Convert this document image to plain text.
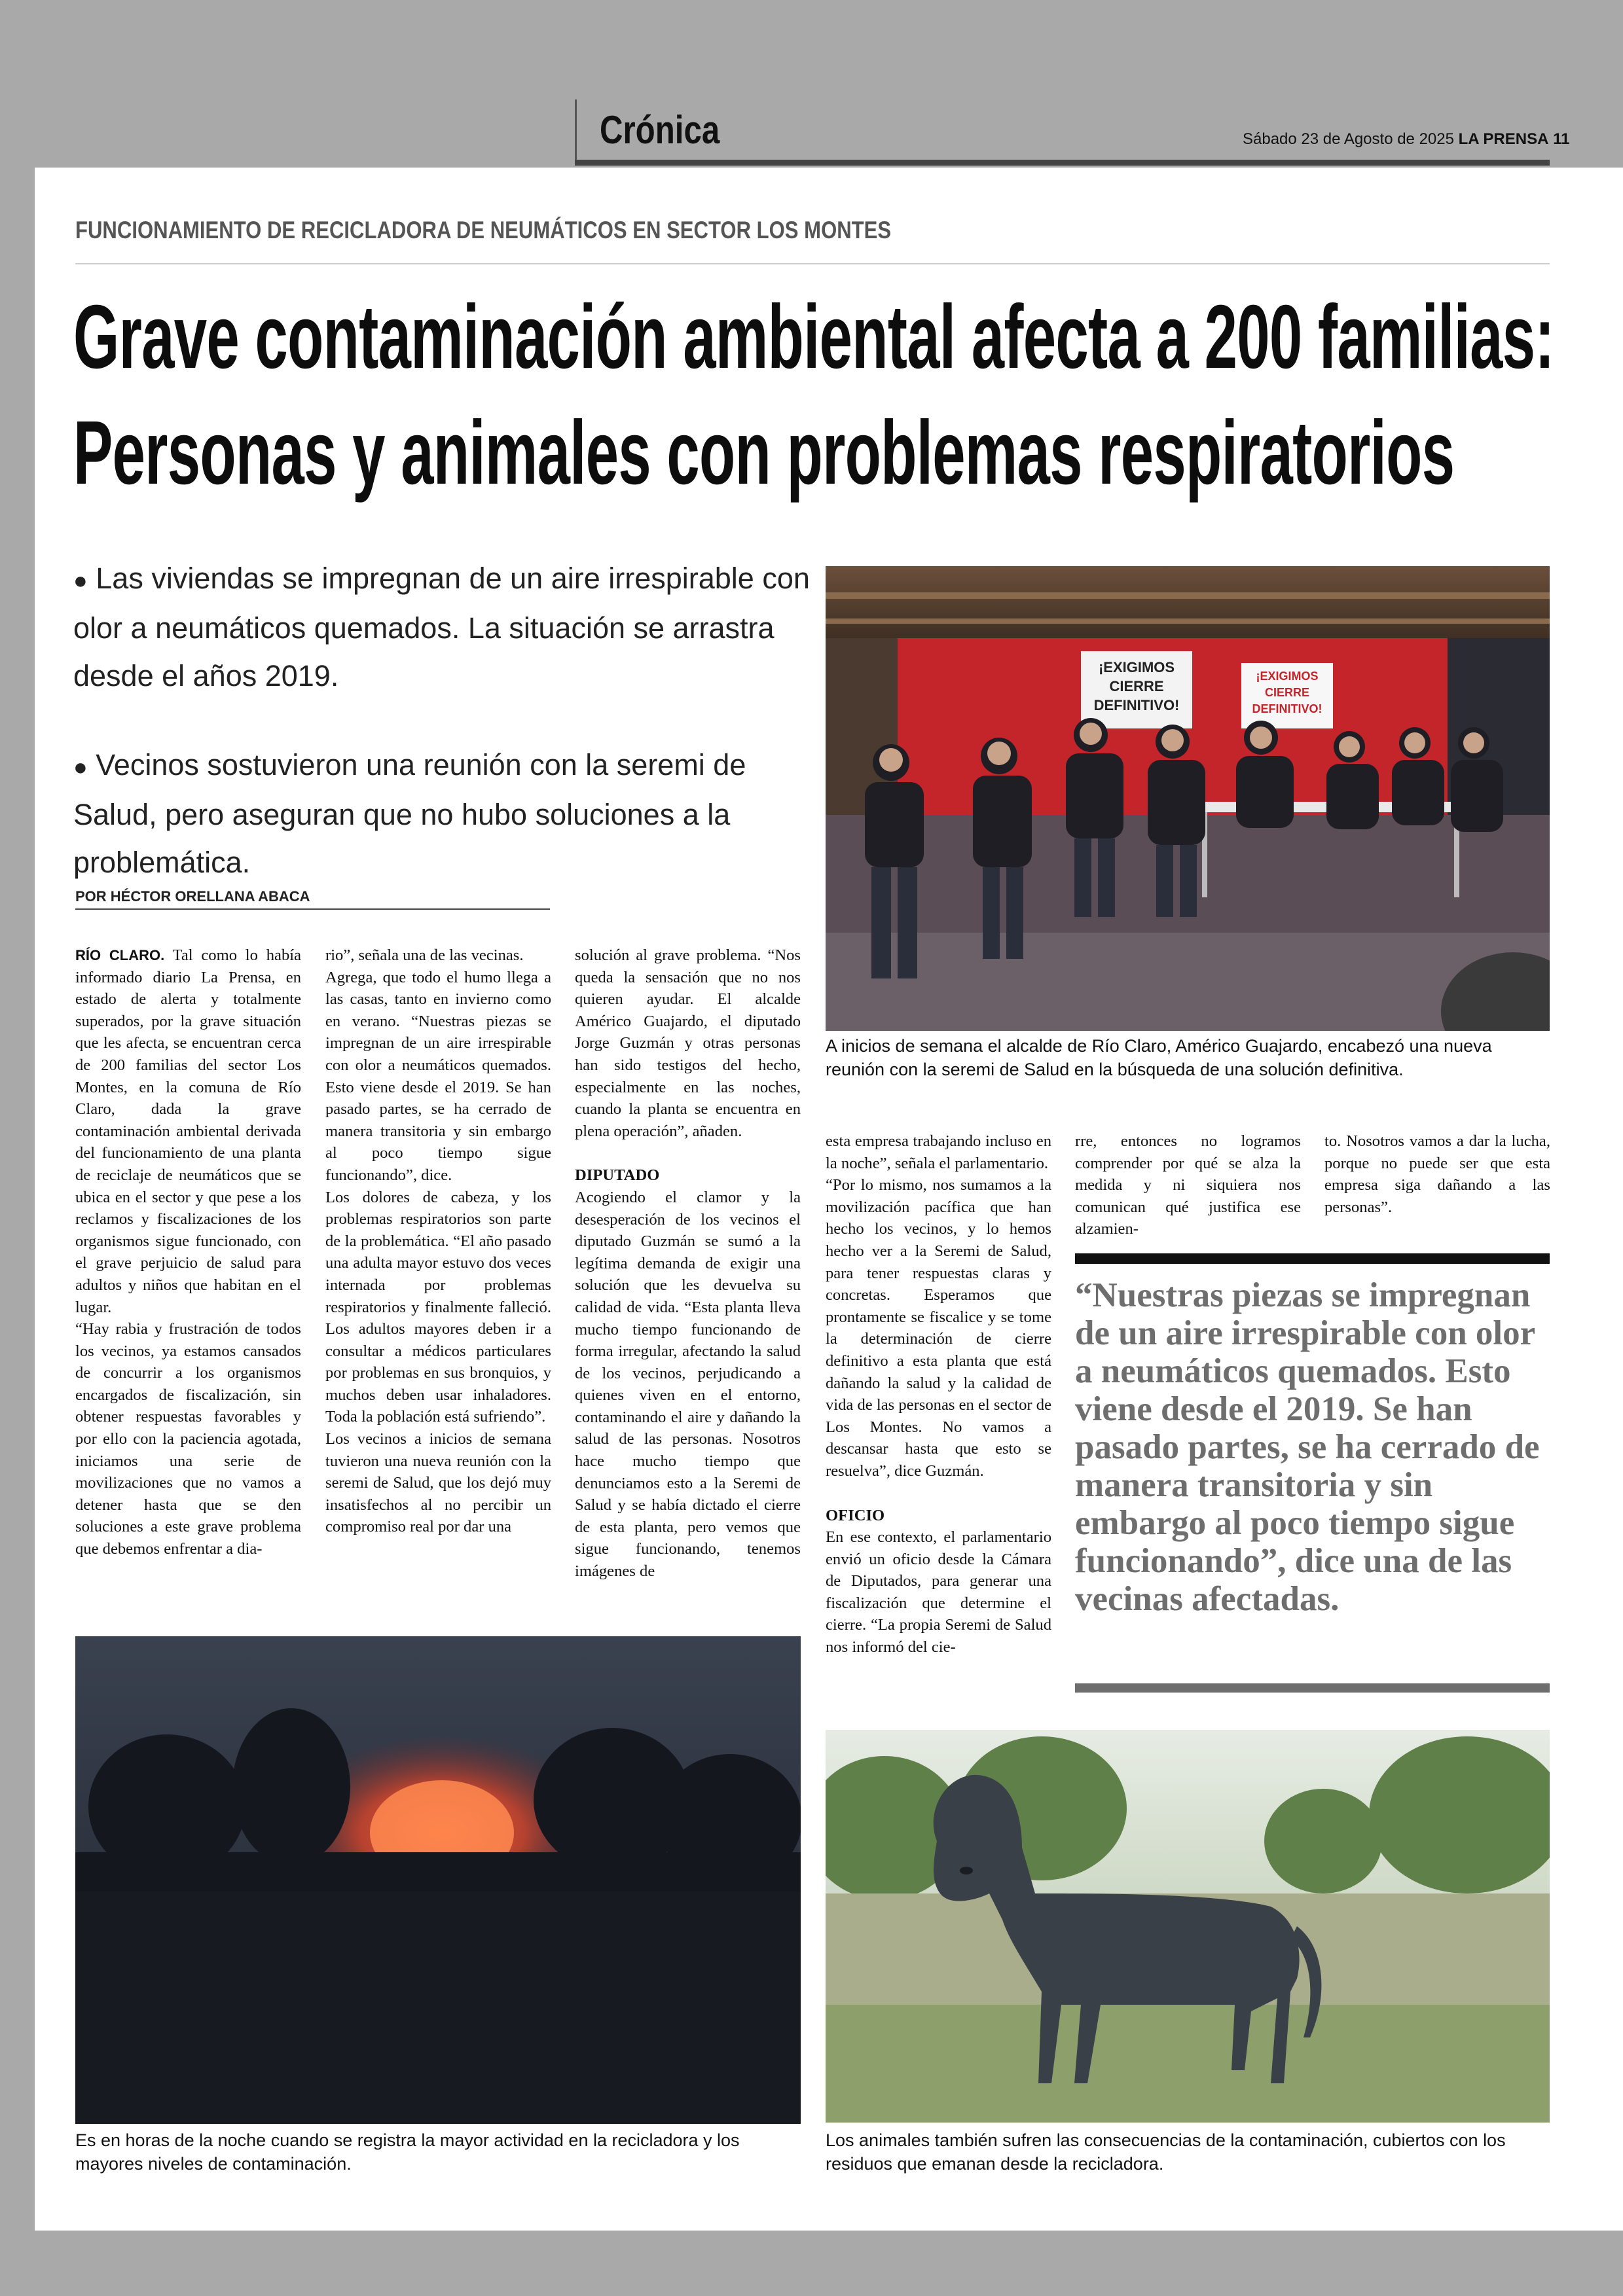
Crónica	Sábado 23 de Agosto de 2025 LA PRENSA 11
FUNCIONAMIENTO DE RECICLADORA DE NEUMÁTICOS EN SECTOR LOS MONTES
Grave contaminación ambiental afecta a 200 familias:
Personas y animales con problemas respiratorios
● Las viviendas se impregnan de un aire irrespirable con olor a neumáticos quemados. La situación se arrastra desde el años 2019.
● Vecinos sostuvieron una reunión con la seremi de Salud, pero aseguran que no hubo soluciones a la problemática.
POR HÉCTOR ORELLANA ABACA

RÍO CLARO. Tal como lo había informado diario La Prensa, en estado de alerta y totalmente superados, por la grave situación que les afecta, se encuentran cerca de 200 familias del sector Los Montes, en la comuna de Río Claro, dada la grave contaminación ambiental derivada del funcionamiento de una planta de reciclaje de neumáticos que se ubica en el sector y que pese a los reclamos y fiscalizaciones de los organismos sigue funcionado, con el grave perjuicio de salud para adultos y niños que habitan en el lugar.

“Hay rabia y frustración de todos los vecinos, ya estamos cansados de concurrir a los organismos encargados de fiscalización, sin obtener respuestas favorables y por ello con la paciencia agotada, iniciamos una serie de movilizaciones que no vamos a detener hasta que se den soluciones a este grave problema que debemos enfrentar a dia-

rio”, señala una de las vecinas.

Agrega, que todo el humo llega a las casas, tanto en invierno como en verano. “Nuestras piezas se impregnan de un aire irrespirable con olor a neumáticos quemados. Esto viene desde el 2019. Se han pasado partes, se ha cerrado de manera transitoria y sin embargo al poco tiempo sigue funcionando”, dice.

Los dolores de cabeza, y los problemas respiratorios son parte de la problemática. “El año pasado una adulta mayor estuvo dos veces internada por problemas respiratorios y finalmente falleció. Los adultos mayores deben ir a consultar a médicos particulares por problemas en sus bronquios, y muchos deben usar inhaladores. Toda la población está sufriendo”.

Los vecinos a inicios de semana tuvieron una nueva reunión con la seremi de Salud, que los dejó muy insatisfechos al no percibir un compromiso real por dar una

solución al grave problema. “Nos queda la sensación que no nos quieren ayudar. El alcalde Américo Guajardo, el diputado Jorge Guzmán y otras personas han sido testigos del hecho, especialmente en las noches, cuando la planta se encuentra en plena operación”, añaden.

DIPUTADO

Acogiendo el clamor y la desesperación de los vecinos el diputado Guzmán se sumó a la legítima demanda de exigir una solución que les devuelva su calidad de vida. “Esta planta lleva mucho tiempo funcionando de forma irregular, afectando la salud de los vecinos, perjudicando a quienes viven en el entorno, contaminando el aire y dañando la salud de las personas. Nosotros hace mucho tiempo que denunciamos esto a la Seremi de Salud y se había dictado el cierre de esta planta, pero vemos que sigue funcionando, tenemos imágenes de

esta empresa trabajando incluso en la noche”, señala el parlamentario.

“Por lo mismo, nos sumamos a la movilización pacífica que han hecho los vecinos, y lo hemos hecho ver a la Seremi de Salud, para tener respuestas claras y concretas. Esperamos que prontamente se fiscalice y se tome la determinación de cierre definitivo a esta planta que está dañando la salud y la calidad de vida de las personas en el sector de Los Montes. No vamos a descansar hasta que esto se resuelva”, dice Guzmán.

OFICIO

En ese contexto, el parlamentario envió un oficio desde la Cámara de Diputados, para generar una fiscalización que determine el cierre. “La propia Seremi de Salud nos informó del cie-

rre, entonces no logramos comprender por qué se alza la medida y ni siquiera nos comunican qué justifica ese alzamien-

to. Nosotros vamos a dar la lucha, porque no puede ser que esta empresa siga dañando a las personas”.

“Nuestras piezas se impregnan de un aire irrespirable con olor a neumáticos quemados. Esto viene desde el 2019. Se han pasado partes, se ha cerrado de manera transitoria y sin embargo al poco tiempo sigue funcionando”, dice una de las vecinas afectadas.
¡EXIGIMOS CIERRE DEFINITIVO!
¡EXIGIMOS CIERRE DEFINITIVO!
A inicios de semana el alcalde de Río Claro, Américo Guajardo, encabezó una nueva reunión con la seremi de Salud en la búsqueda de una solución definitiva.
Es en horas de la noche cuando se registra la mayor actividad en la recicladora y los mayores niveles de contaminación.
Los animales también sufren las consecuencias de la contaminación, cubiertos con los residuos que emanan desde la recicladora.
